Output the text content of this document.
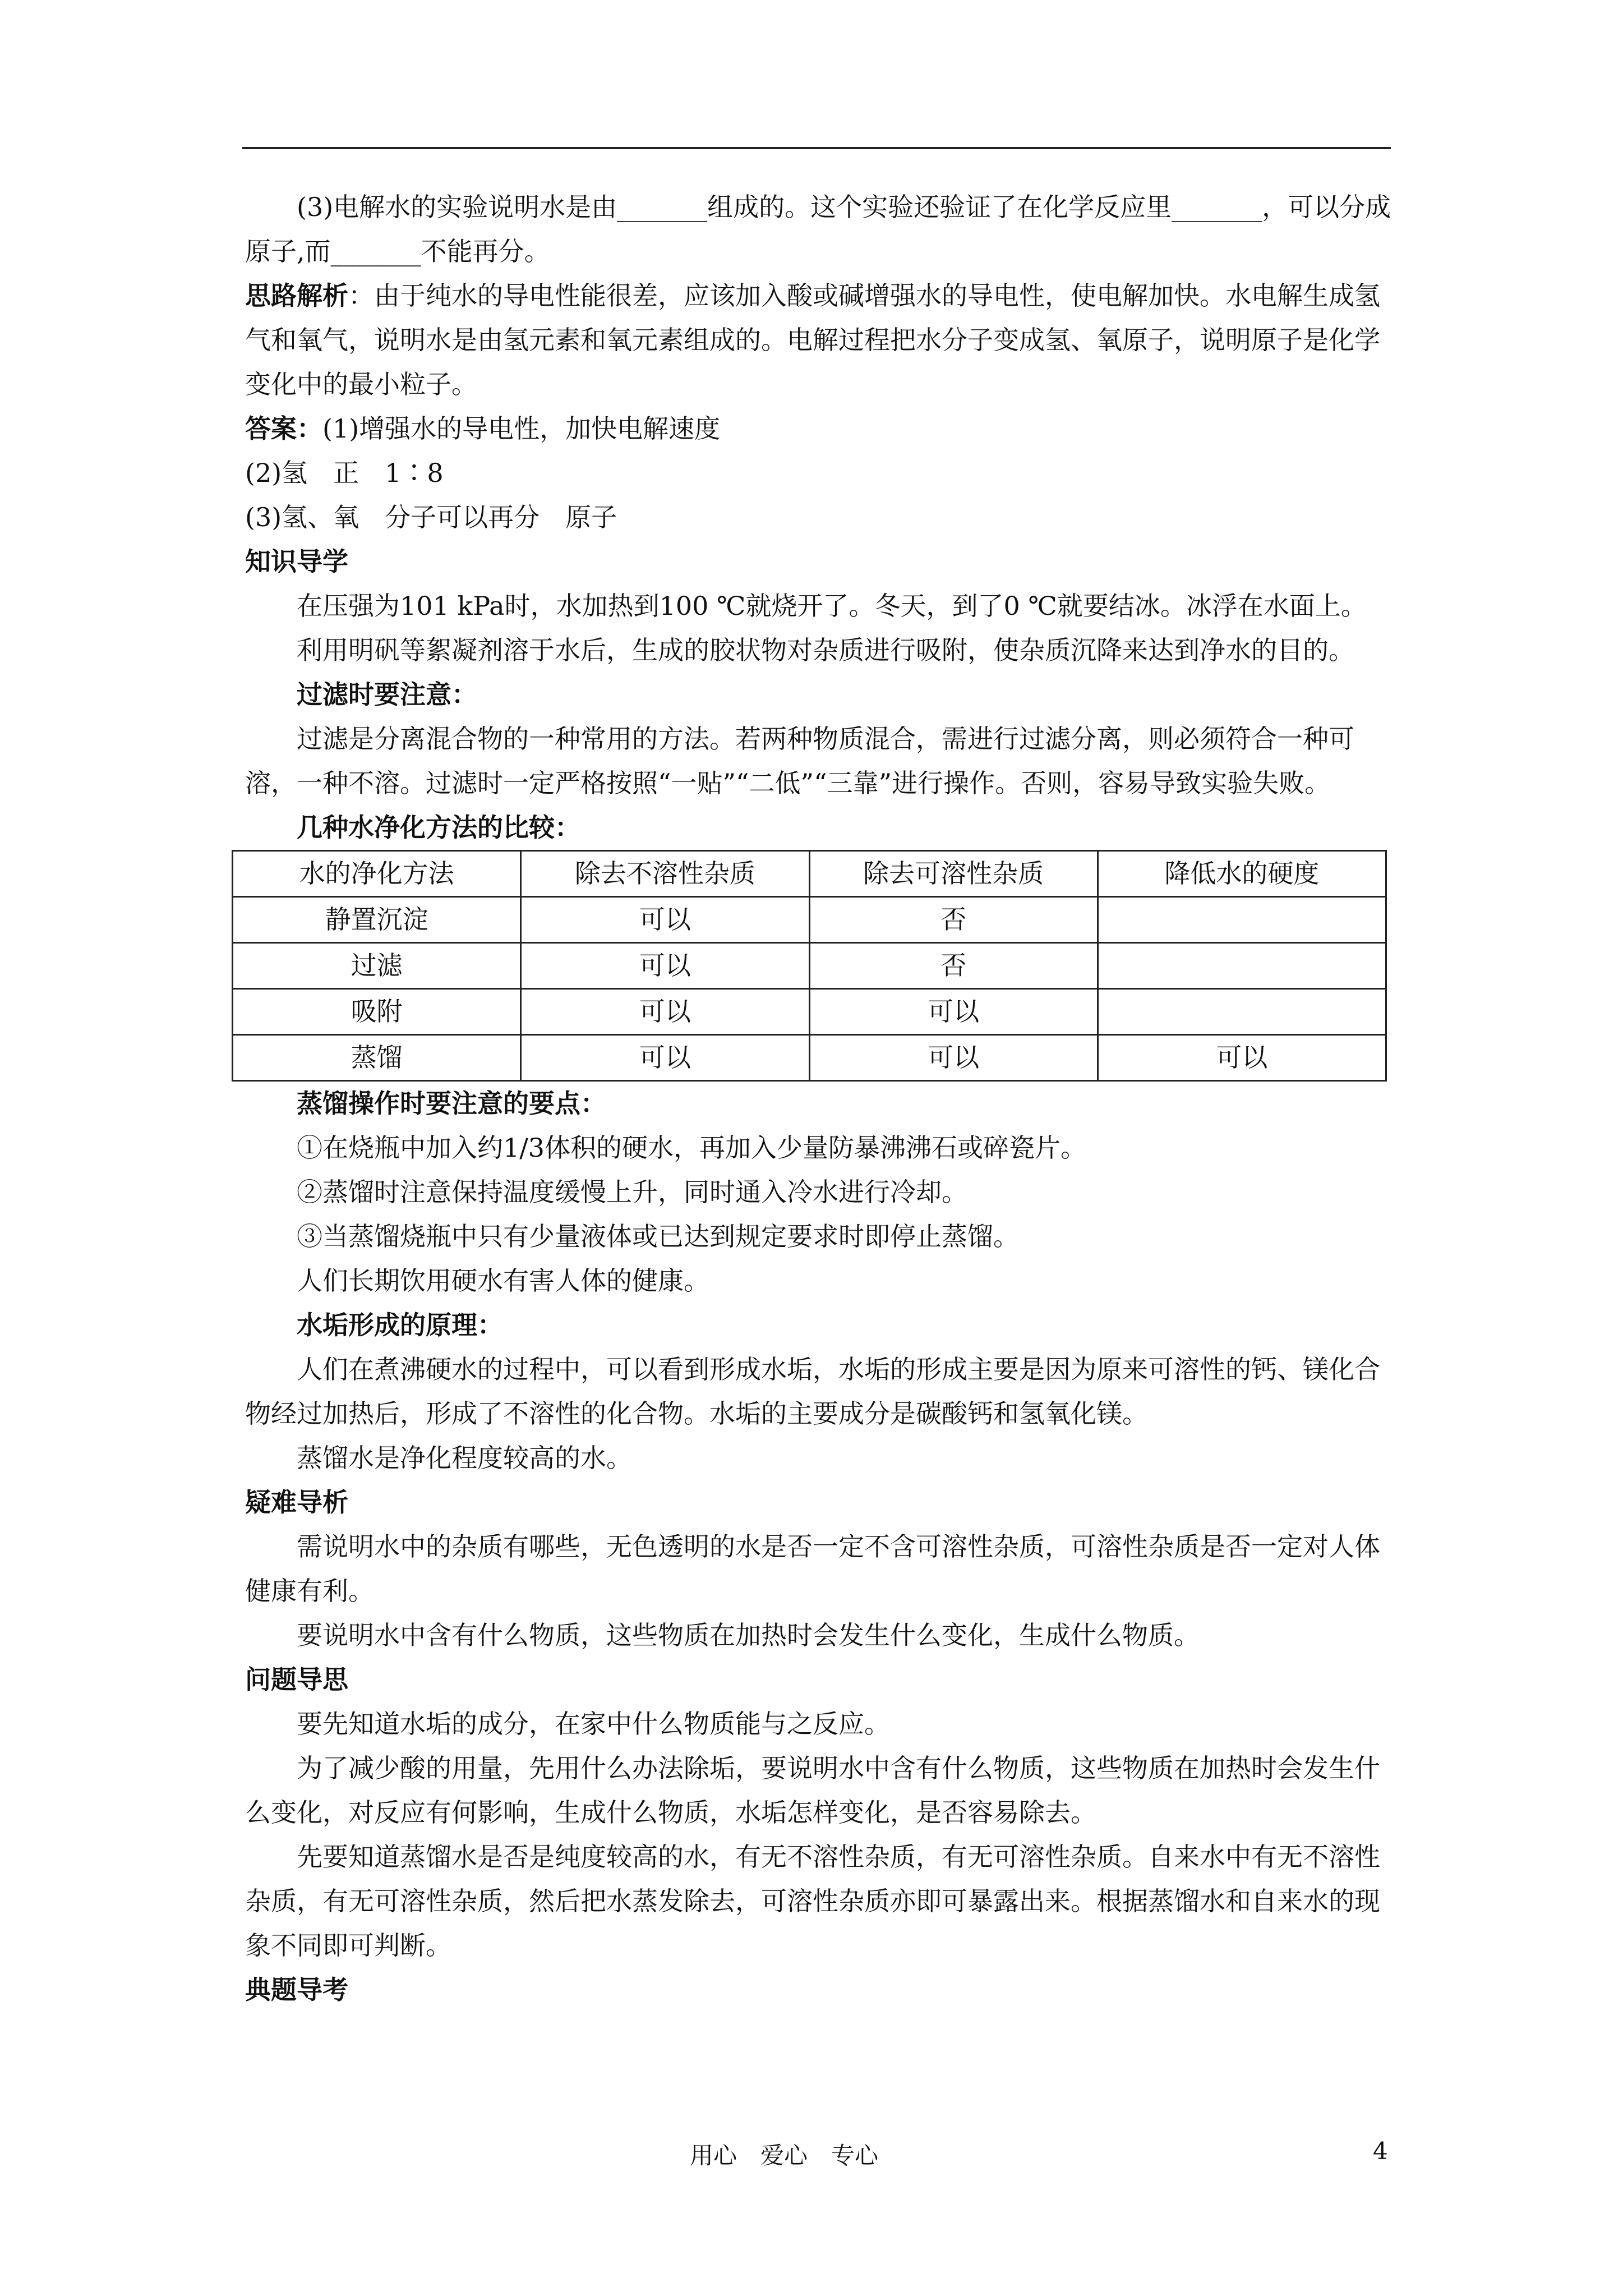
(3)电解水的实验说明水是由_______组成的。这个实验还验证了在化学反应里_______，可以分成原子,而_______不能再分。

思路解析：由于纯水的导电性能很差，应该加入酸或碱增强水的导电性，使电解加快。水电解生成氢气和氧气，说明水是由氢元素和氧元素组成的。电解过程把水分子变成氢、氧原子，说明原子是化学变化中的最小粒子。

答案：(1)增强水的导电性，加快电解速度

(2)氢　正　1∶8

(3)氢、氧　分子可以再分　原子

知识导学

在压强为101 kPa时，水加热到100 ℃就烧开了。冬天，到了0 ℃就要结冰。冰浮在水面上。

利用明矾等絮凝剂溶于水后，生成的胶状物对杂质进行吸附，使杂质沉降来达到净水的目的。

过滤时要注意：

过滤是分离混合物的一种常用的方法。若两种物质混合，需进行过滤分离，则必须符合一种可溶，一种不溶。过滤时一定严格按照“一贴”“二低”“三靠”进行操作。否则，容易导致实验失败。

几种水净化方法的比较：

水的净化方法	除去不溶性杂质	除去可溶性杂质	降低水的硬度
静置沉淀	可以	否	
过滤	可以	否	
吸附	可以	可以	
蒸馏	可以	可以	可以

蒸馏操作时要注意的要点：

①在烧瓶中加入约1/3体积的硬水，再加入少量防暴沸沸石或碎瓷片。

②蒸馏时注意保持温度缓慢上升，同时通入冷水进行冷却。

③当蒸馏烧瓶中只有少量液体或已达到规定要求时即停止蒸馏。

人们长期饮用硬水有害人体的健康。

水垢形成的原理：

人们在煮沸硬水的过程中，可以看到形成水垢，水垢的形成主要是因为原来可溶性的钙、镁化合物经过加热后，形成了不溶性的化合物。水垢的主要成分是碳酸钙和氢氧化镁。

蒸馏水是净化程度较高的水。

疑难导析

需说明水中的杂质有哪些，无色透明的水是否一定不含可溶性杂质，可溶性杂质是否一定对人体健康有利。

要说明水中含有什么物质，这些物质在加热时会发生什么变化，生成什么物质。

问题导思

要先知道水垢的成分，在家中什么物质能与之反应。

为了减少酸的用量，先用什么办法除垢，要说明水中含有什么物质，这些物质在加热时会发生什么变化，对反应有何影响，生成什么物质，水垢怎样变化，是否容易除去。

先要知道蒸馏水是否是纯度较高的水，有无不溶性杂质，有无可溶性杂质。自来水中有无不溶性杂质，有无可溶性杂质，然后把水蒸发除去，可溶性杂质亦即可暴露出来。根据蒸馏水和自来水的现象不同即可判断。

典题导考

用心　爱心　专心	4
